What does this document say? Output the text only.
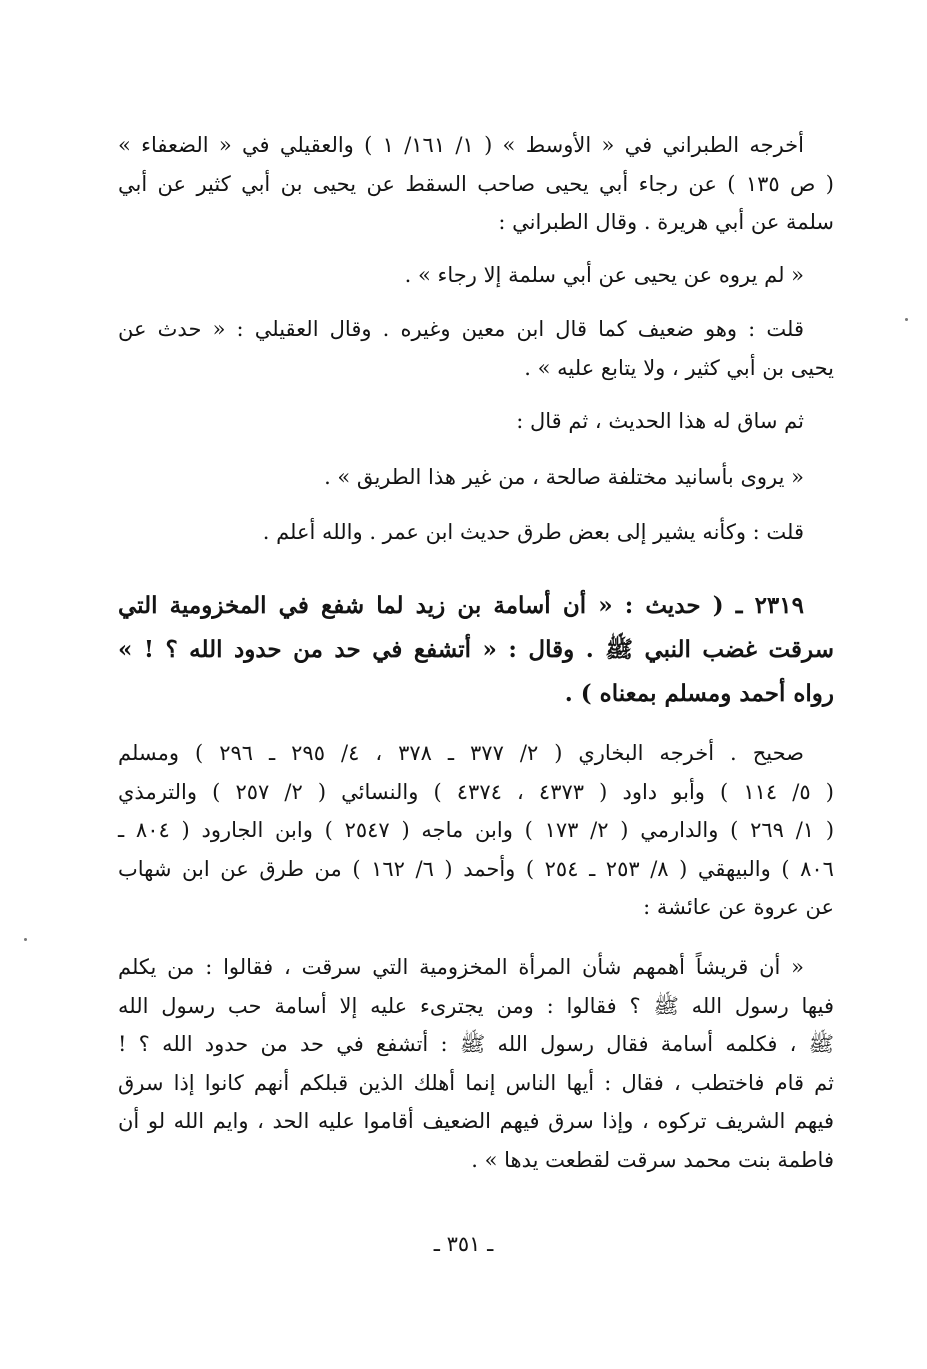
أخرجه الطبراني في « الأوسط » ( ١/ ١٦١/ ١ ) والعقيلي في « الضعفاء »
( ص ١٣٥ ) عن رجاء أبي يحيى صاحب السقط عن يحيى بن أبي كثير عن أبي
سلمة عن أبي هريرة . وقال الطبراني :
« لم يروه عن يحيى عن أبي سلمة إلا رجاء » .
قلت : وهو ضعيف كما قال ابن معين وغيره . وقال العقيلي : « حدث عن
يحيى بن أبي كثير ، ولا يتابع عليه » .
ثم ساق له هذا الحديث ، ثم قال :
« يروى بأسانيد مختلفة صالحة ، من غير هذا الطريق » .
قلت : وكأنه يشير إلى بعض طرق حديث ابن عمر . والله أعلم .
٢٣١٩ ـ ( حديث : « أن أسامة بن زيد لما شفع في المخزومية التي
سرقت غضب النبي ﷺ . وقال : « أتشفع في حد من حدود الله ؟ ! »
رواه أحمد ومسلم بمعناه ) .
صحيح . أخرجه البخاري ( ٢/ ٣٧٧ ـ ٣٧٨ ، ٤/ ٢٩٥ ـ ٢٩٦ ) ومسلم
( ٥/ ١١٤ ) وأبو داود ( ٤٣٧٣ ، ٤٣٧٤ ) والنسائي ( ٢/ ٢٥٧ ) والترمذي
( ١/ ٢٦٩ ) والدارمي ( ٢/ ١٧٣ ) وابن ماجه ( ٢٥٤٧ ) وابن الجارود ( ٨٠٤ ـ
٨٠٦ ) والبيهقي ( ٨/ ٢٥٣ ـ ٢٥٤ ) وأحمد ( ٦/ ١٦٢ ) من طرق عن ابن شهاب
عن عروة عن عائشة :
« أن قريشاً أهمهم شأن المرأة المخزومية التي سرقت ، فقالوا : من يكلم
فيها رسول الله ﷺ ؟ فقالوا : ومن يجترىء عليه إلا أسامة حب رسول الله
ﷺ ، فكلمه أسامة فقال رسول الله ﷺ : أتشفع في حد من حدود الله ؟ !
ثم قام فاختطب ، فقال : أيها الناس إنما أهلك الذين قبلكم أنهم كانوا إذا سرق
فيهم الشريف تركوه ، وإذا سرق فيهم الضعيف أقاموا عليه الحد ، وايم الله لو أن
فاطمة بنت محمد سرقت لقطعت يدها » .
ـ ٣٥١ ـ
